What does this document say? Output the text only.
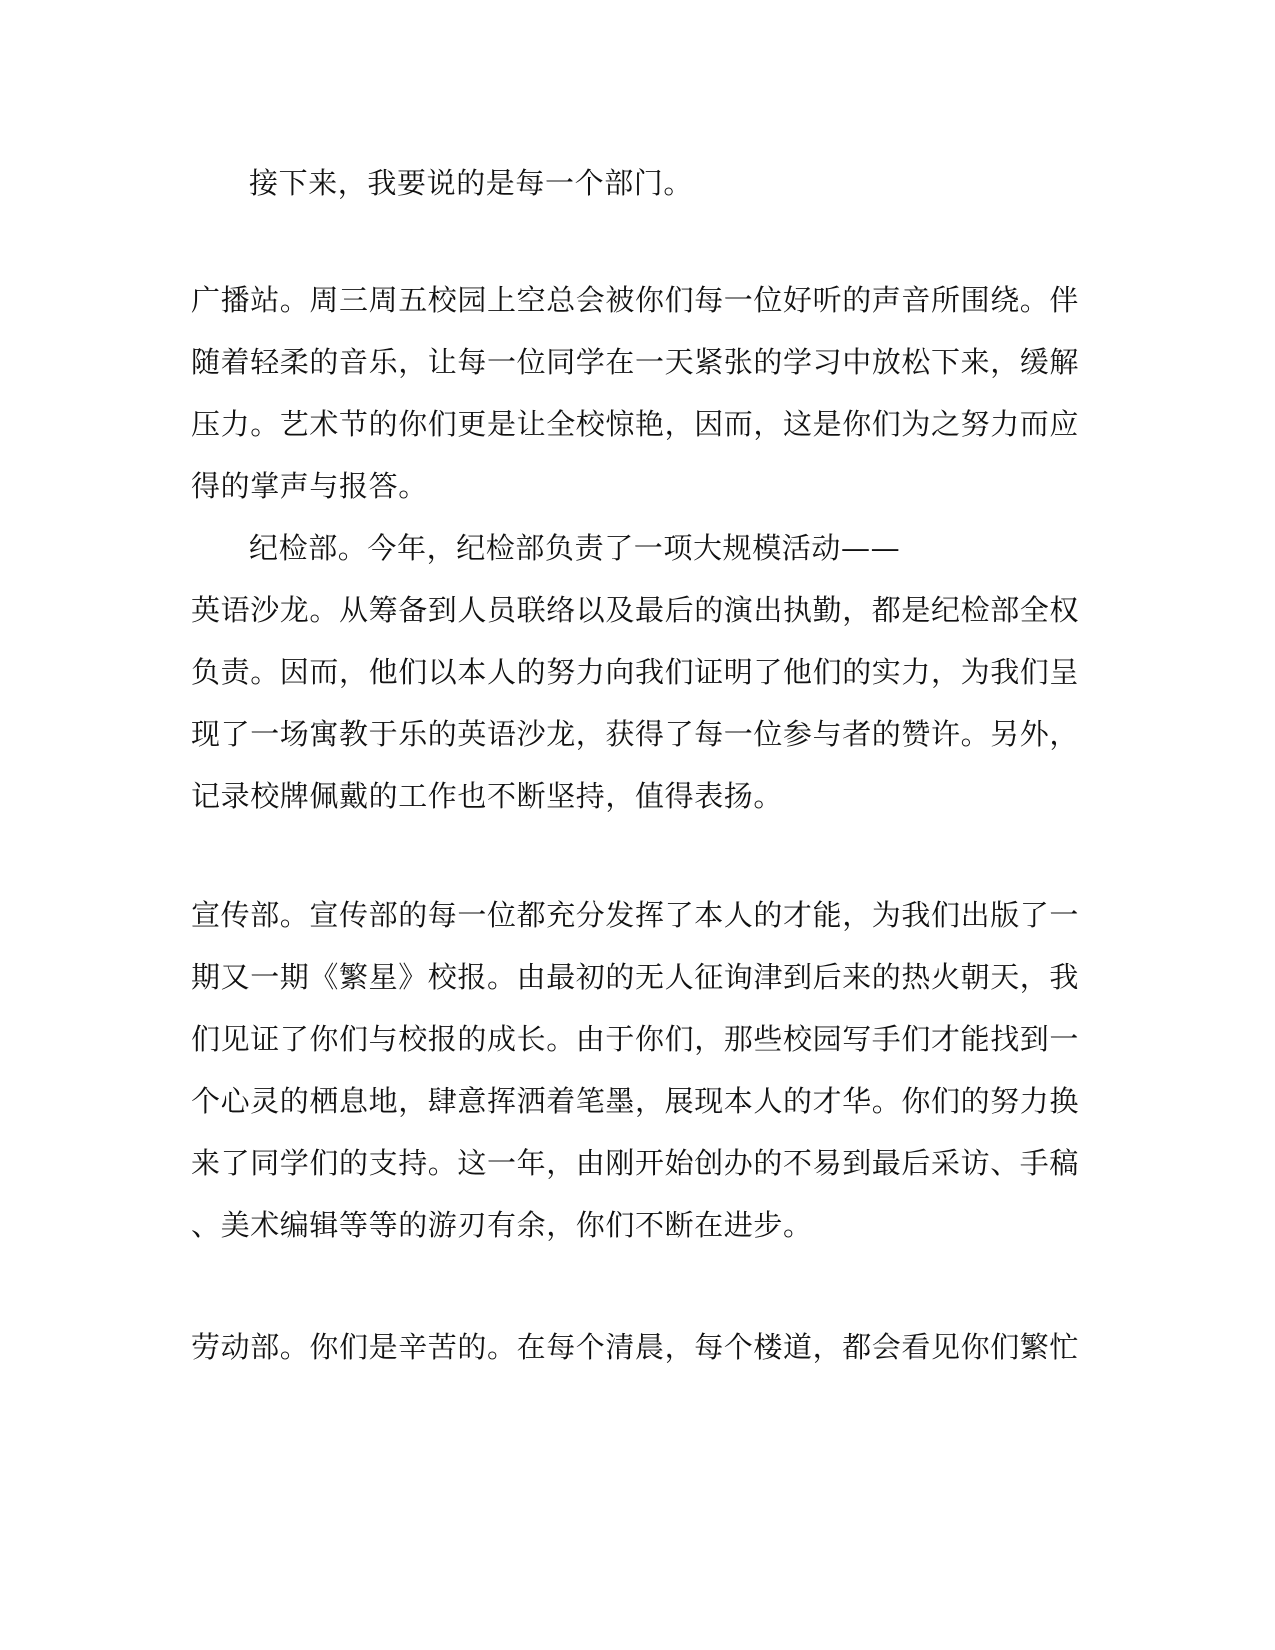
接下来，我要说的是每一个部门。
广播站。周三周五校园上空总会被你们每一位好听的声音所围绕。伴
随着轻柔的音乐，让每一位同学在一天紧张的学习中放松下来，缓解
压力。艺术节的你们更是让全校惊艳，因而，这是你们为之努力而应
得的掌声与报答。
纪检部。今年，纪检部负责了一项大规模活动——
英语沙龙。从筹备到人员联络以及最后的演出执勤，都是纪检部全权
负责。因而，他们以本人的努力向我们证明了他们的实力，为我们呈
现了一场寓教于乐的英语沙龙，获得了每一位参与者的赞许。另外，
记录校牌佩戴的工作也不断坚持，值得表扬。
宣传部。宣传部的每一位都充分发挥了本人的才能，为我们出版了一
期又一期《繁星》校报。由最初的无人征询津到后来的热火朝天，我
们见证了你们与校报的成长。由于你们，那些校园写手们才能找到一
个心灵的栖息地，肆意挥洒着笔墨，展现本人的才华。你们的努力换
来了同学们的支持。这一年，由刚开始创办的不易到最后采访、手稿
、美术编辑等等的游刃有余，你们不断在进步。
劳动部。你们是辛苦的。在每个清晨，每个楼道，都会看见你们繁忙
